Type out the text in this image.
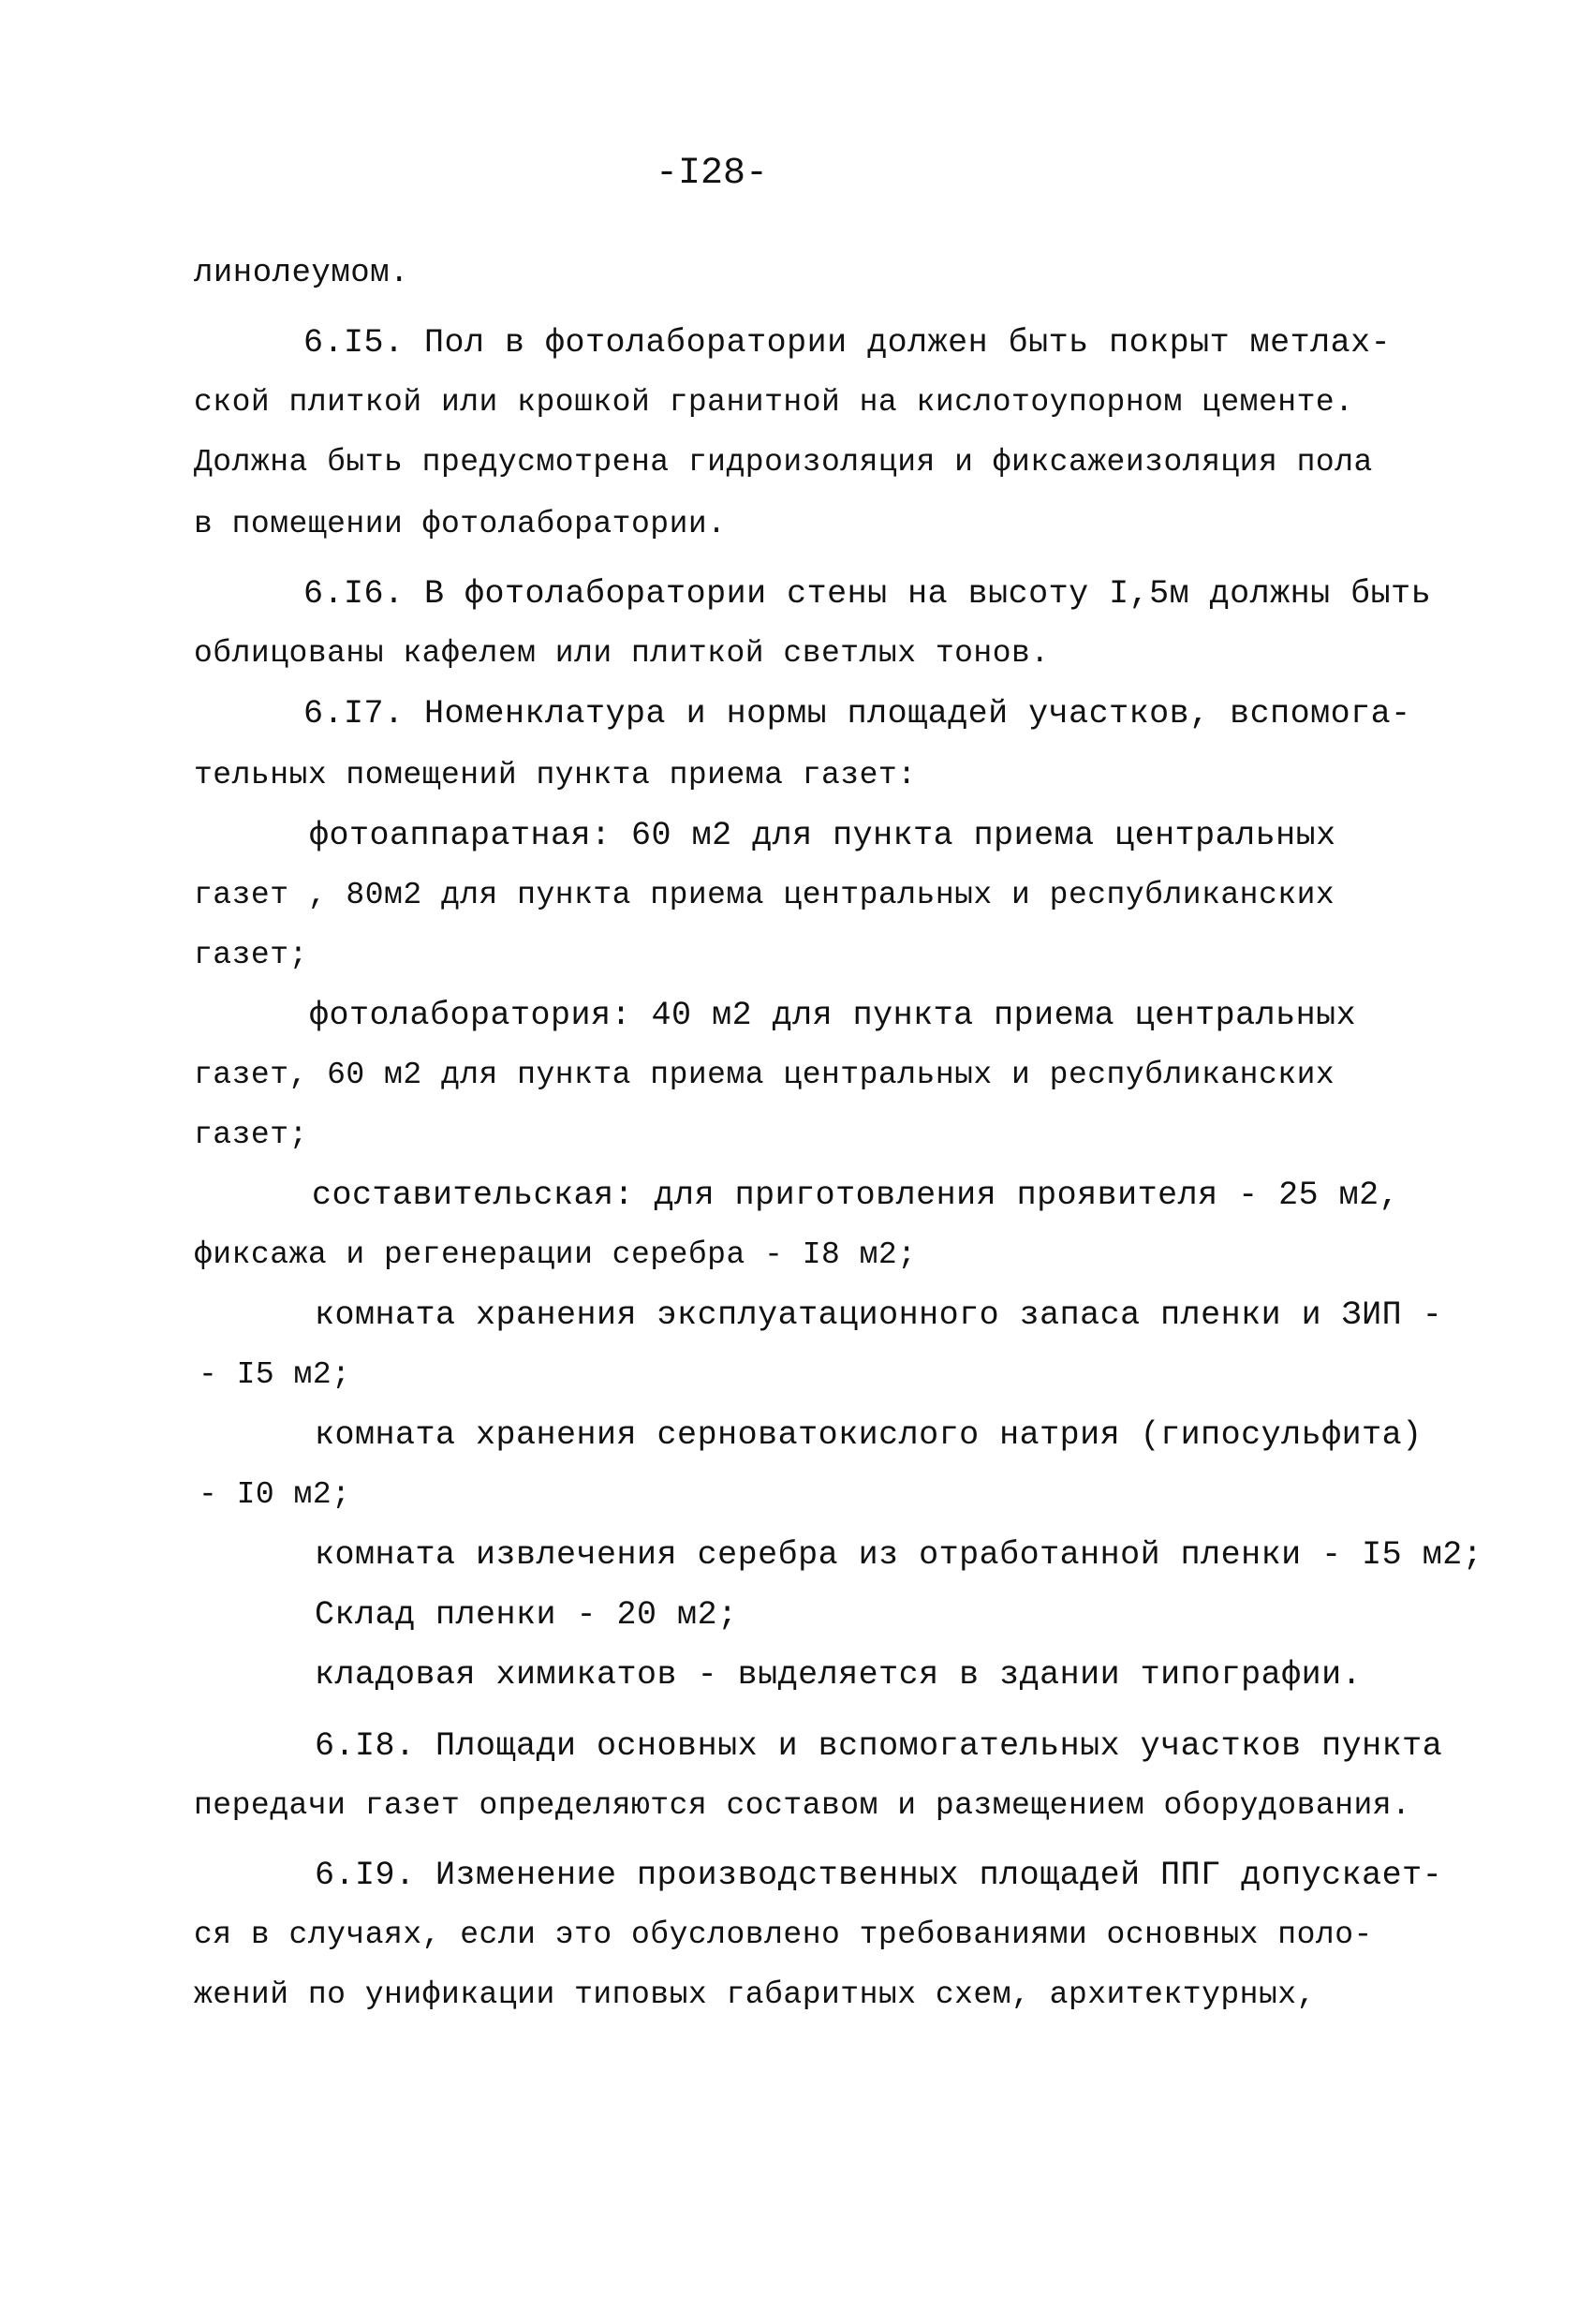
-I28-
линолеумом.
6.I5. Пол в фотолаборатории должен быть покрыт метлах-
ской плиткой или крошкой гранитной на кислотоупорном цементе.
Должна быть предусмотрена гидроизоляция и фиксажеизоляция пола
в помещении фотолаборатории.
6.I6. В фотолаборатории стены на высоту I,5м должны быть
облицованы кафелем или плиткой светлых тонов.
6.I7. Номенклатура и нормы площадей участков, вспомога-
тельных помещений пункта приема газет:
фотоаппаратная: 60 м2 для пункта приема центральных
газет , 80м2 для пункта приема центральных и республиканских
газет;
фотолаборатория: 40 м2 для пункта приема центральных
газет, 60 м2 для пункта приема центральных и республиканских
газет;
составительская: для приготовления проявителя - 25 м2,
фиксажа и регенерации серебра - I8 м2;
комната хранения эксплуатационного запаса пленки и ЗИП -
- I5 м2;
комната хранения серноватокислого натрия (гипосульфита)
- I0 м2;
комната извлечения серебра из отработанной пленки - I5 м2;
Склад пленки - 20 м2;
кладовая химикатов - выделяется в здании типографии.
6.I8. Площади основных и вспомогательных участков пункта
передачи газет определяются составом и размещением оборудования.
6.I9. Изменение производственных площадей ППГ допускает-
ся в случаях, если это обусловлено требованиями основных поло-
жений по унификации типовых габаритных схем, архитектурных,
